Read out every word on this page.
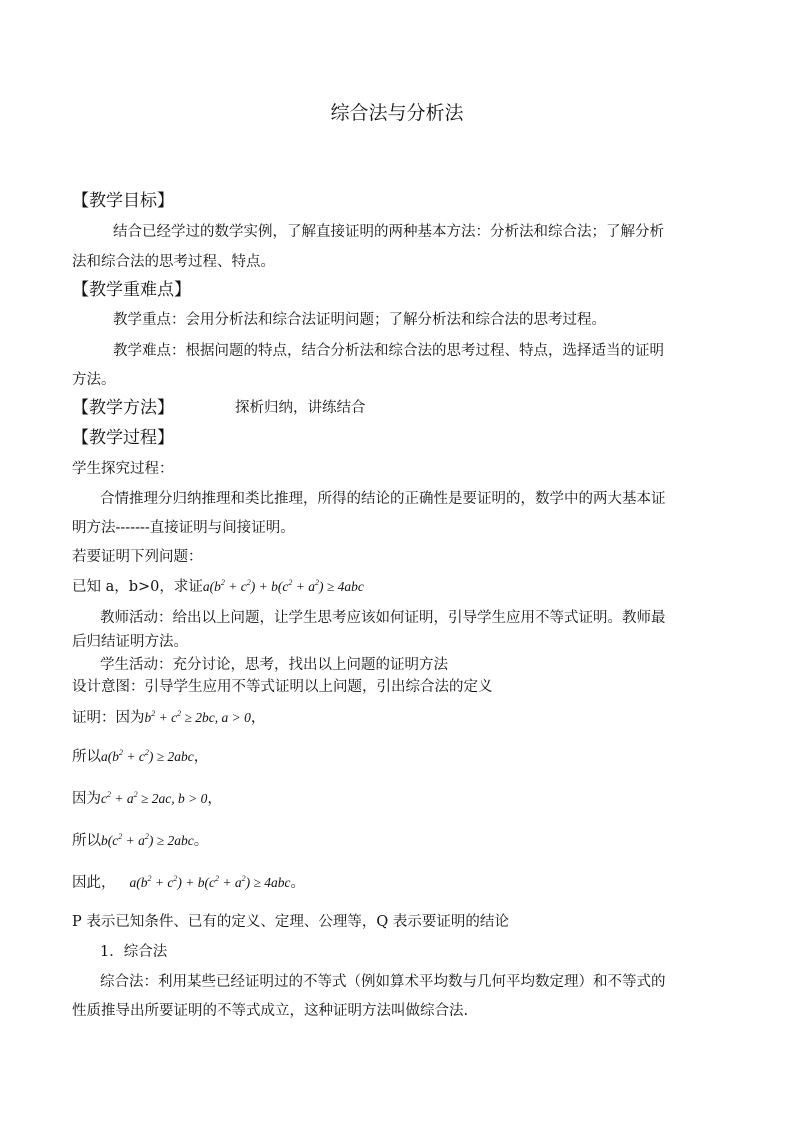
综合法与分析法
【教学目标】
结合已经学过的数学实例，了解直接证明的两种基本方法：分析法和综合法；了解分析
法和综合法的思考过程、特点。
【教学重难点】
教学重点：会用分析法和综合法证明问题；了解分析法和综合法的思考过程。
教学难点：根据问题的特点，结合分析法和综合法的思考过程、特点，选择适当的证明
方法。
【教学方法】	探析归纳，讲练结合
【教学过程】
学生探究过程：
合情推理分归纳推理和类比推理，所得的结论的正确性是要证明的，数学中的两大基本证
明方法-------直接证明与间接证明。
若要证明下列问题：
已知 a，b>0，求证$a(b^2 + c^2) + b(c^2 + a^2) \ge 4abc$
教师活动：给出以上问题，让学生思考应该如何证明，引导学生应用不等式证明。教师最
后归结证明方法。
学生活动：充分讨论，思考，找出以上问题的证明方法
设计意图：引导学生应用不等式证明以上问题，引出综合法的定义
证明：因为$b^2 + c^2 \ge 2bc$, a > 0，
所以$a(b^2 + c^2) \ge 2abc$，
因为$c^2 + a^2 \ge 2ac$, b > 0，
所以$b(c^2 + a^2) \ge 2abc$。
因此， $a(b^2 + c^2) + b(c^2 + a^2) \ge 4abc$。
P 表示已知条件、已有的定义、定理、公理等，Q 表示要证明的结论
1．综合法
综合法：利用某些已经证明过的不等式（例如算术平均数与几何平均数定理）和不等式的
性质推导出所要证明的不等式成立，这种证明方法叫做综合法.
